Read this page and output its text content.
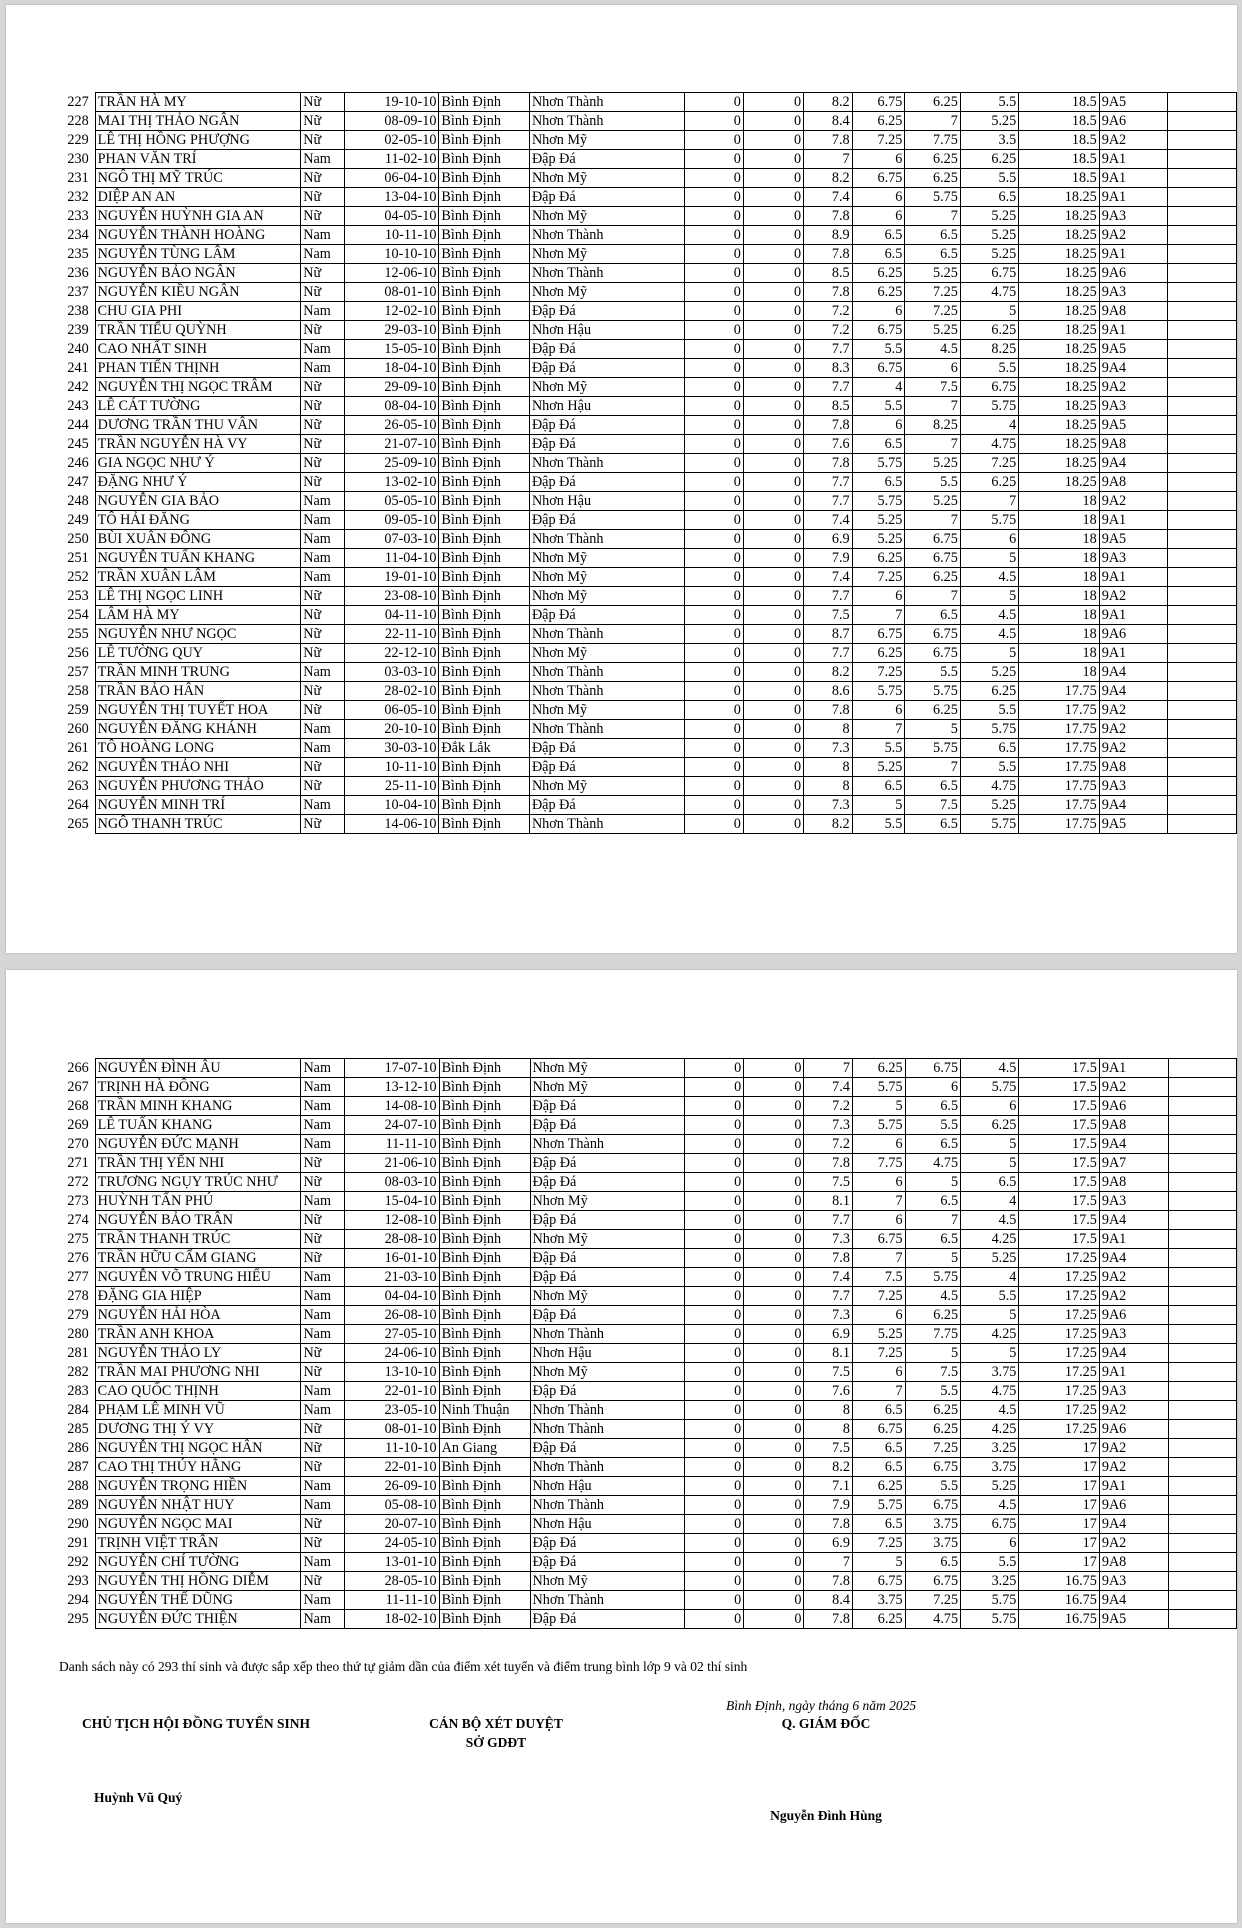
227	TRẦN HÀ MY	Nữ	19-10-10	Bình Định	Nhơn Thành	0	0	8.2	6.75	6.25	5.5	18.5	9A5	
228	MAI THỊ THẢO NGÂN	Nữ	08-09-10	Bình Định	Nhơn Thành	0	0	8.4	6.25	7	5.25	18.5	9A6	
229	LÊ THỊ HỒNG PHƯỢNG	Nữ	02-05-10	Bình Định	Nhơn Mỹ	0	0	7.8	7.25	7.75	3.5	18.5	9A2	
230	PHAN VĂN TRÍ	Nam	11-02-10	Bình Định	Đập Đá	0	0	7	6	6.25	6.25	18.5	9A1	
231	NGÔ THỊ MỸ TRÚC	Nữ	06-04-10	Bình Định	Nhơn Mỹ	0	0	8.2	6.75	6.25	5.5	18.5	9A1	
232	DIỆP AN AN	Nữ	13-04-10	Bình Định	Đập Đá	0	0	7.4	6	5.75	6.5	18.25	9A1	
233	NGUYỄN HUỲNH GIA AN	Nữ	04-05-10	Bình Định	Nhơn Mỹ	0	0	7.8	6	7	5.25	18.25	9A3	
234	NGUYỄN THÀNH HOÀNG	Nam	10-11-10	Bình Định	Nhơn Thành	0	0	8.9	6.5	6.5	5.25	18.25	9A2	
235	NGUYỄN TÙNG LÂM	Nam	10-10-10	Bình Định	Nhơn Mỹ	0	0	7.8	6.5	6.5	5.25	18.25	9A1	
236	NGUYỄN BẢO NGÂN	Nữ	12-06-10	Bình Định	Nhơn Thành	0	0	8.5	6.25	5.25	6.75	18.25	9A6	
237	NGUYỄN KIỀU NGÂN	Nữ	08-01-10	Bình Định	Nhơn Mỹ	0	0	7.8	6.25	7.25	4.75	18.25	9A3	
238	CHU GIA PHI	Nam	12-02-10	Bình Định	Đập Đá	0	0	7.2	6	7.25	5	18.25	9A8	
239	TRẦN TIỂU QUỲNH	Nữ	29-03-10	Bình Định	Nhơn Hậu	0	0	7.2	6.75	5.25	6.25	18.25	9A1	
240	CAO NHẤT SINH	Nam	15-05-10	Bình Định	Đập Đá	0	0	7.7	5.5	4.5	8.25	18.25	9A5	
241	PHAN TIẾN THỊNH	Nam	18-04-10	Bình Định	Đập Đá	0	0	8.3	6.75	6	5.5	18.25	9A4	
242	NGUYỄN THỊ NGỌC TRÂM	Nữ	29-09-10	Bình Định	Nhơn Mỹ	0	0	7.7	4	7.5	6.75	18.25	9A2	
243	LÊ CÁT TƯỜNG	Nữ	08-04-10	Bình Định	Nhơn Hậu	0	0	8.5	5.5	7	5.75	18.25	9A3	
244	DƯƠNG TRẦN THU VÂN	Nữ	26-05-10	Bình Định	Đập Đá	0	0	7.8	6	8.25	4	18.25	9A5	
245	TRẦN NGUYỄN HÀ VY	Nữ	21-07-10	Bình Định	Đập Đá	0	0	7.6	6.5	7	4.75	18.25	9A8	
246	GIA NGỌC NHƯ Ý	Nữ	25-09-10	Bình Định	Nhơn Thành	0	0	7.8	5.75	5.25	7.25	18.25	9A4	
247	ĐẶNG NHƯ Ý	Nữ	13-02-10	Bình Định	Đập Đá	0	0	7.7	6.5	5.5	6.25	18.25	9A8	
248	NGUYỄN GIA BẢO	Nam	05-05-10	Bình Định	Nhơn Hậu	0	0	7.7	5.75	5.25	7	18	9A2	
249	TÔ HẢI ĐĂNG	Nam	09-05-10	Bình Định	Đập Đá	0	0	7.4	5.25	7	5.75	18	9A1	
250	BÙI XUÂN ĐÔNG	Nam	07-03-10	Bình Định	Nhơn Thành	0	0	6.9	5.25	6.75	6	18	9A5	
251	NGUYỄN TUẤN KHANG	Nam	11-04-10	Bình Định	Nhơn Mỹ	0	0	7.9	6.25	6.75	5	18	9A3	
252	TRẦN XUÂN LÂM	Nam	19-01-10	Bình Định	Nhơn Mỹ	0	0	7.4	7.25	6.25	4.5	18	9A1	
253	LÊ THỊ NGỌC LINH	Nữ	23-08-10	Bình Định	Nhơn Mỹ	0	0	7.7	6	7	5	18	9A2	
254	LÂM HÀ MY	Nữ	04-11-10	Bình Định	Đập Đá	0	0	7.5	7	6.5	4.5	18	9A1	
255	NGUYỄN NHƯ NGỌC	Nữ	22-11-10	Bình Định	Nhơn Thành	0	0	8.7	6.75	6.75	4.5	18	9A6	
256	LÊ TƯỜNG QUY	Nữ	22-12-10	Bình Định	Nhơn Mỹ	0	0	7.7	6.25	6.75	5	18	9A1	
257	TRẦN MINH TRUNG	Nam	03-03-10	Bình Định	Nhơn Thành	0	0	8.2	7.25	5.5	5.25	18	9A4	
258	TRẦN BẢO HÂN	Nữ	28-02-10	Bình Định	Nhơn Thành	0	0	8.6	5.75	5.75	6.25	17.75	9A4	
259	NGUYỄN THỊ TUYẾT HOA	Nữ	06-05-10	Bình Định	Nhơn Mỹ	0	0	7.8	6	6.25	5.5	17.75	9A2	
260	NGUYỄN ĐĂNG KHÁNH	Nam	20-10-10	Bình Định	Nhơn Thành	0	0	8	7	5	5.75	17.75	9A2	
261	TÔ HOÀNG LONG	Nam	30-03-10	Đắk Lắk	Đập Đá	0	0	7.3	5.5	5.75	6.5	17.75	9A2	
262	NGUYỄN THẢO NHI	Nữ	10-11-10	Bình Định	Đập Đá	0	0	8	5.25	7	5.5	17.75	9A8	
263	NGUYỄN PHƯƠNG THẢO	Nữ	25-11-10	Bình Định	Nhơn Mỹ	0	0	8	6.5	6.5	4.75	17.75	9A3	
264	NGUYỄN MINH TRÍ	Nam	10-04-10	Bình Định	Đập Đá	0	0	7.3	5	7.5	5.25	17.75	9A4	
265	NGÔ THANH TRÚC	Nữ	14-06-10	Bình Định	Nhơn Thành	0	0	8.2	5.5	6.5	5.75	17.75	9A5	
266	NGUYỄN ĐÌNH ÂU	Nam	17-07-10	Bình Định	Nhơn Mỹ	0	0	7	6.25	6.75	4.5	17.5	9A1	
267	TRỊNH HÀ ĐÔNG	Nam	13-12-10	Bình Định	Nhơn Mỹ	0	0	7.4	5.75	6	5.75	17.5	9A2	
268	TRẦN MINH KHANG	Nam	14-08-10	Bình Định	Đập Đá	0	0	7.2	5	6.5	6	17.5	9A6	
269	LÊ TUẤN KHANG	Nam	24-07-10	Bình Định	Đập Đá	0	0	7.3	5.75	5.5	6.25	17.5	9A8	
270	NGUYỄN ĐỨC MẠNH	Nam	11-11-10	Bình Định	Nhơn Thành	0	0	7.2	6	6.5	5	17.5	9A4	
271	TRẦN THỊ YẾN NHI	Nữ	21-06-10	Bình Định	Đập Đá	0	0	7.8	7.75	4.75	5	17.5	9A7	
272	TRƯƠNG NGỤY TRÚC NHƯ	Nữ	08-03-10	Bình Định	Đập Đá	0	0	7.5	6	5	6.5	17.5	9A8	
273	HUỲNH TẤN PHÚ	Nam	15-04-10	Bình Định	Nhơn Mỹ	0	0	8.1	7	6.5	4	17.5	9A3	
274	NGUYỄN BẢO TRÂN	Nữ	12-08-10	Bình Định	Đập Đá	0	0	7.7	6	7	4.5	17.5	9A4	
275	TRẦN THANH TRÚC	Nữ	28-08-10	Bình Định	Nhơn Mỹ	0	0	7.3	6.75	6.5	4.25	17.5	9A1	
276	TRẦN HỮU CẨM GIANG	Nữ	16-01-10	Bình Định	Đập Đá	0	0	7.8	7	5	5.25	17.25	9A4	
277	NGUYỄN VÕ TRUNG HIẾU	Nam	21-03-10	Bình Định	Đập Đá	0	0	7.4	7.5	5.75	4	17.25	9A2	
278	ĐẶNG GIA HIỆP	Nam	04-04-10	Bình Định	Nhơn Mỹ	0	0	7.7	7.25	4.5	5.5	17.25	9A2	
279	NGUYỄN HẢI HÒA	Nam	26-08-10	Bình Định	Đập Đá	0	0	7.3	6	6.25	5	17.25	9A6	
280	TRẦN ANH KHOA	Nam	27-05-10	Bình Định	Nhơn Thành	0	0	6.9	5.25	7.75	4.25	17.25	9A3	
281	NGUYỄN THẢO LY	Nữ	24-06-10	Bình Định	Nhơn Hậu	0	0	8.1	7.25	5	5	17.25	9A4	
282	TRẦN MAI PHƯƠNG NHI	Nữ	13-10-10	Bình Định	Nhơn Mỹ	0	0	7.5	6	7.5	3.75	17.25	9A1	
283	CAO QUỐC THỊNH	Nam	22-01-10	Bình Định	Đập Đá	0	0	7.6	7	5.5	4.75	17.25	9A3	
284	PHẠM LÊ MINH VŨ	Nam	23-05-10	Ninh Thuận	Nhơn Thành	0	0	8	6.5	6.25	4.5	17.25	9A2	
285	DƯƠNG THỊ Ý VY	Nữ	08-01-10	Bình Định	Nhơn Thành	0	0	8	6.75	6.25	4.25	17.25	9A6	
286	NGUYỄN THỊ NGỌC HÂN	Nữ	11-10-10	An Giang	Đập Đá	0	0	7.5	6.5	7.25	3.25	17	9A2	
287	CAO THỊ THÚY HẰNG	Nữ	22-01-10	Bình Định	Nhơn Thành	0	0	8.2	6.5	6.75	3.75	17	9A2	
288	NGUYỄN TRỌNG HIỀN	Nam	26-09-10	Bình Định	Nhơn Hậu	0	0	7.1	6.25	5.5	5.25	17	9A1	
289	NGUYỄN NHẬT HUY	Nam	05-08-10	Bình Định	Nhơn Thành	0	0	7.9	5.75	6.75	4.5	17	9A6	
290	NGUYỄN NGỌC MAI	Nữ	20-07-10	Bình Định	Nhơn Hậu	0	0	7.8	6.5	3.75	6.75	17	9A4	
291	TRỊNH VIỆT TRÂN	Nữ	24-05-10	Bình Định	Đập Đá	0	0	6.9	7.25	3.75	6	17	9A2	
292	NGUYỄN CHÍ TƯỜNG	Nam	13-01-10	Bình Định	Đập Đá	0	0	7	5	6.5	5.5	17	9A8	
293	NGUYỄN THỊ HỒNG DIỄM	Nữ	28-05-10	Bình Định	Nhơn Mỹ	0	0	7.8	6.75	6.75	3.25	16.75	9A3	
294	NGUYỄN THẾ DŨNG	Nam	11-11-10	Bình Định	Nhơn Thành	0	0	8.4	3.75	7.25	5.75	16.75	9A4	
295	NGUYỄN ĐỨC THIỆN	Nam	18-02-10	Bình Định	Đập Đá	0	0	7.8	6.25	4.75	5.75	16.75	9A5	
Danh sách này có 293 thí sinh và được sắp xếp theo thứ tự giảm dần của điểm xét tuyển và điểm trung bình lớp 9 và 02 thí sinh
Bình Định, ngày tháng 6 năm 2025
CHỦ TỊCH HỘI ĐỒNG TUYỂN SINH	CÁN BỘ XÉT DUYỆT
SỞ GDĐT
Q. GIÁM ĐỐC
Huỳnh Vũ Quý
Nguyễn Đình Hùng
